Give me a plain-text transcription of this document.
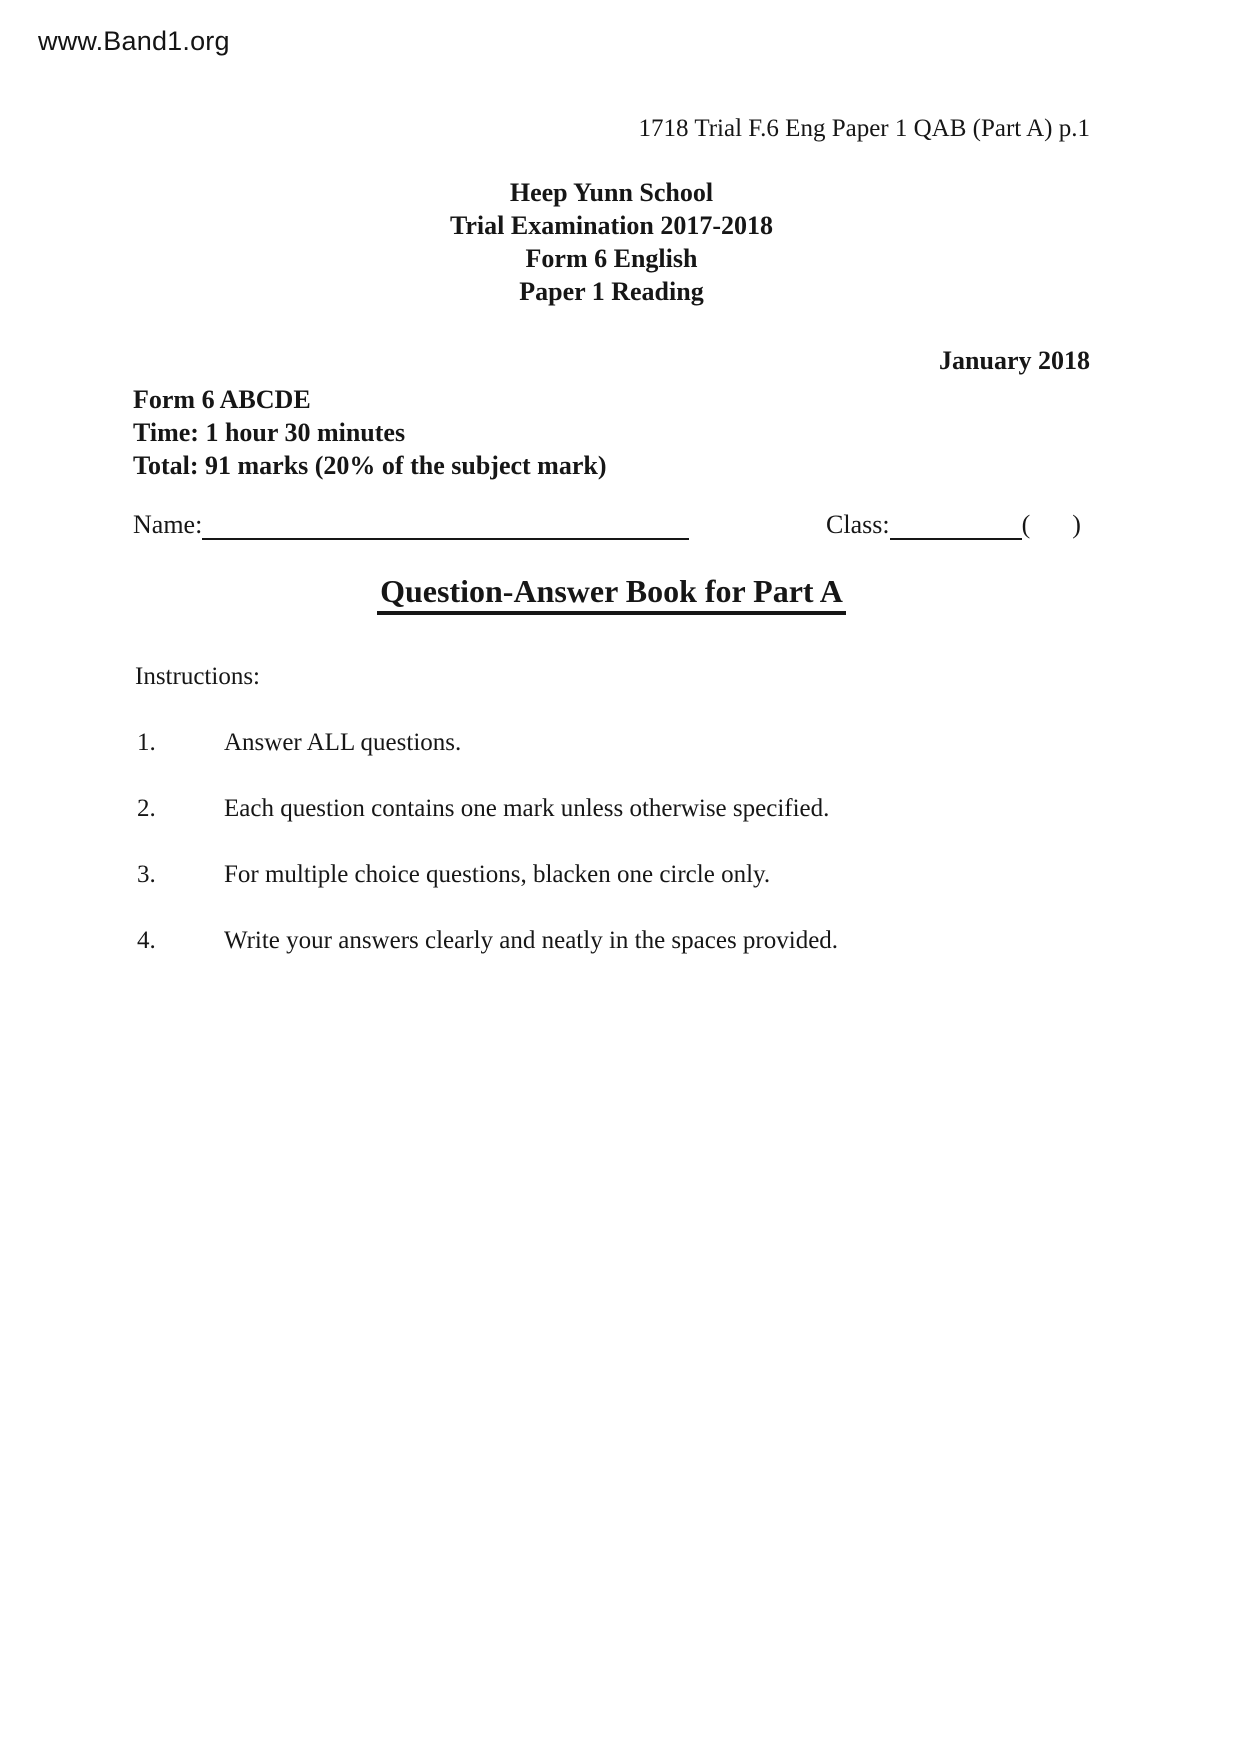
www.Band1.org
1718 Trial F.6 Eng Paper 1 QAB (Part A) p.1
Heep Yunn School
Trial Examination 2017-2018
Form 6 English
Paper 1 Reading
January 2018
Form 6 ABCDE
Time: 1 hour 30 minutes
Total: 91 marks (20% of the subject mark)
Name:	Class:	( )
Question-Answer Book for Part A
Instructions:
1.	Answer ALL questions.
2.	Each question contains one mark unless otherwise specified.
3.	For multiple choice questions, blacken one circle only.
4.	Write your answers clearly and neatly in the spaces provided.
